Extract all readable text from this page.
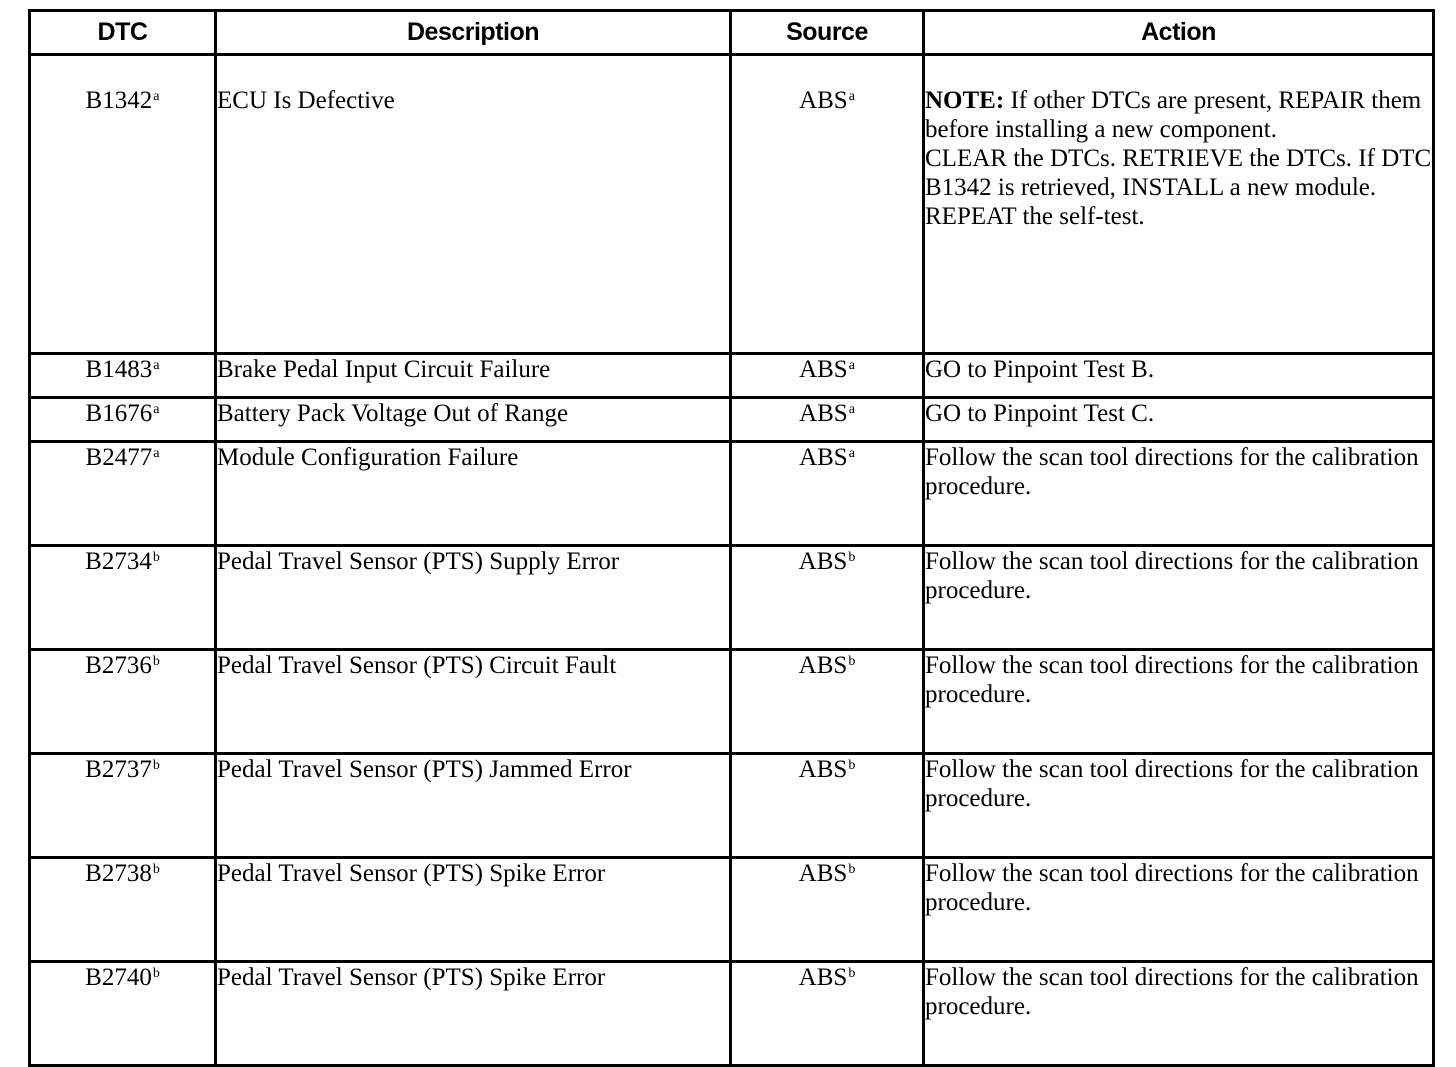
DTC	Description	Source	Action
B1342$^a$	ECU Is Defective	ABS$^a$	NOTE: If other DTCs are present, REPAIR them before installing a new component.
CLEAR the DTCs. RETRIEVE the DTCs. If DTC B1342 is retrieved, INSTALL a new module.
REPEAT the self-test.

B1483$^a$	Brake Pedal Input Circuit Failure	ABS$^a$	GO to Pinpoint Test B.
B1676$^a$	Battery Pack Voltage Out of Range	ABS$^a$	GO to Pinpoint Test C.
B2477$^a$	Module Configuration Failure	ABS$^a$	Follow the scan tool directions for the calibration procedure.
B2734$^b$	Pedal Travel Sensor (PTS) Supply Error	ABS$^b$	Follow the scan tool directions for the calibration procedure.
B2736$^b$	Pedal Travel Sensor (PTS) Circuit Fault	ABS$^b$	Follow the scan tool directions for the calibration procedure.
B2737$^b$	Pedal Travel Sensor (PTS) Jammed Error	ABS$^b$	Follow the scan tool directions for the calibration procedure.
B2738$^b$	Pedal Travel Sensor (PTS) Spike Error	ABS$^b$	Follow the scan tool directions for the calibration procedure.
B2740$^b$	Pedal Travel Sensor (PTS) Spike Error	ABS$^b$	Follow the scan tool directions for the calibration procedure.
